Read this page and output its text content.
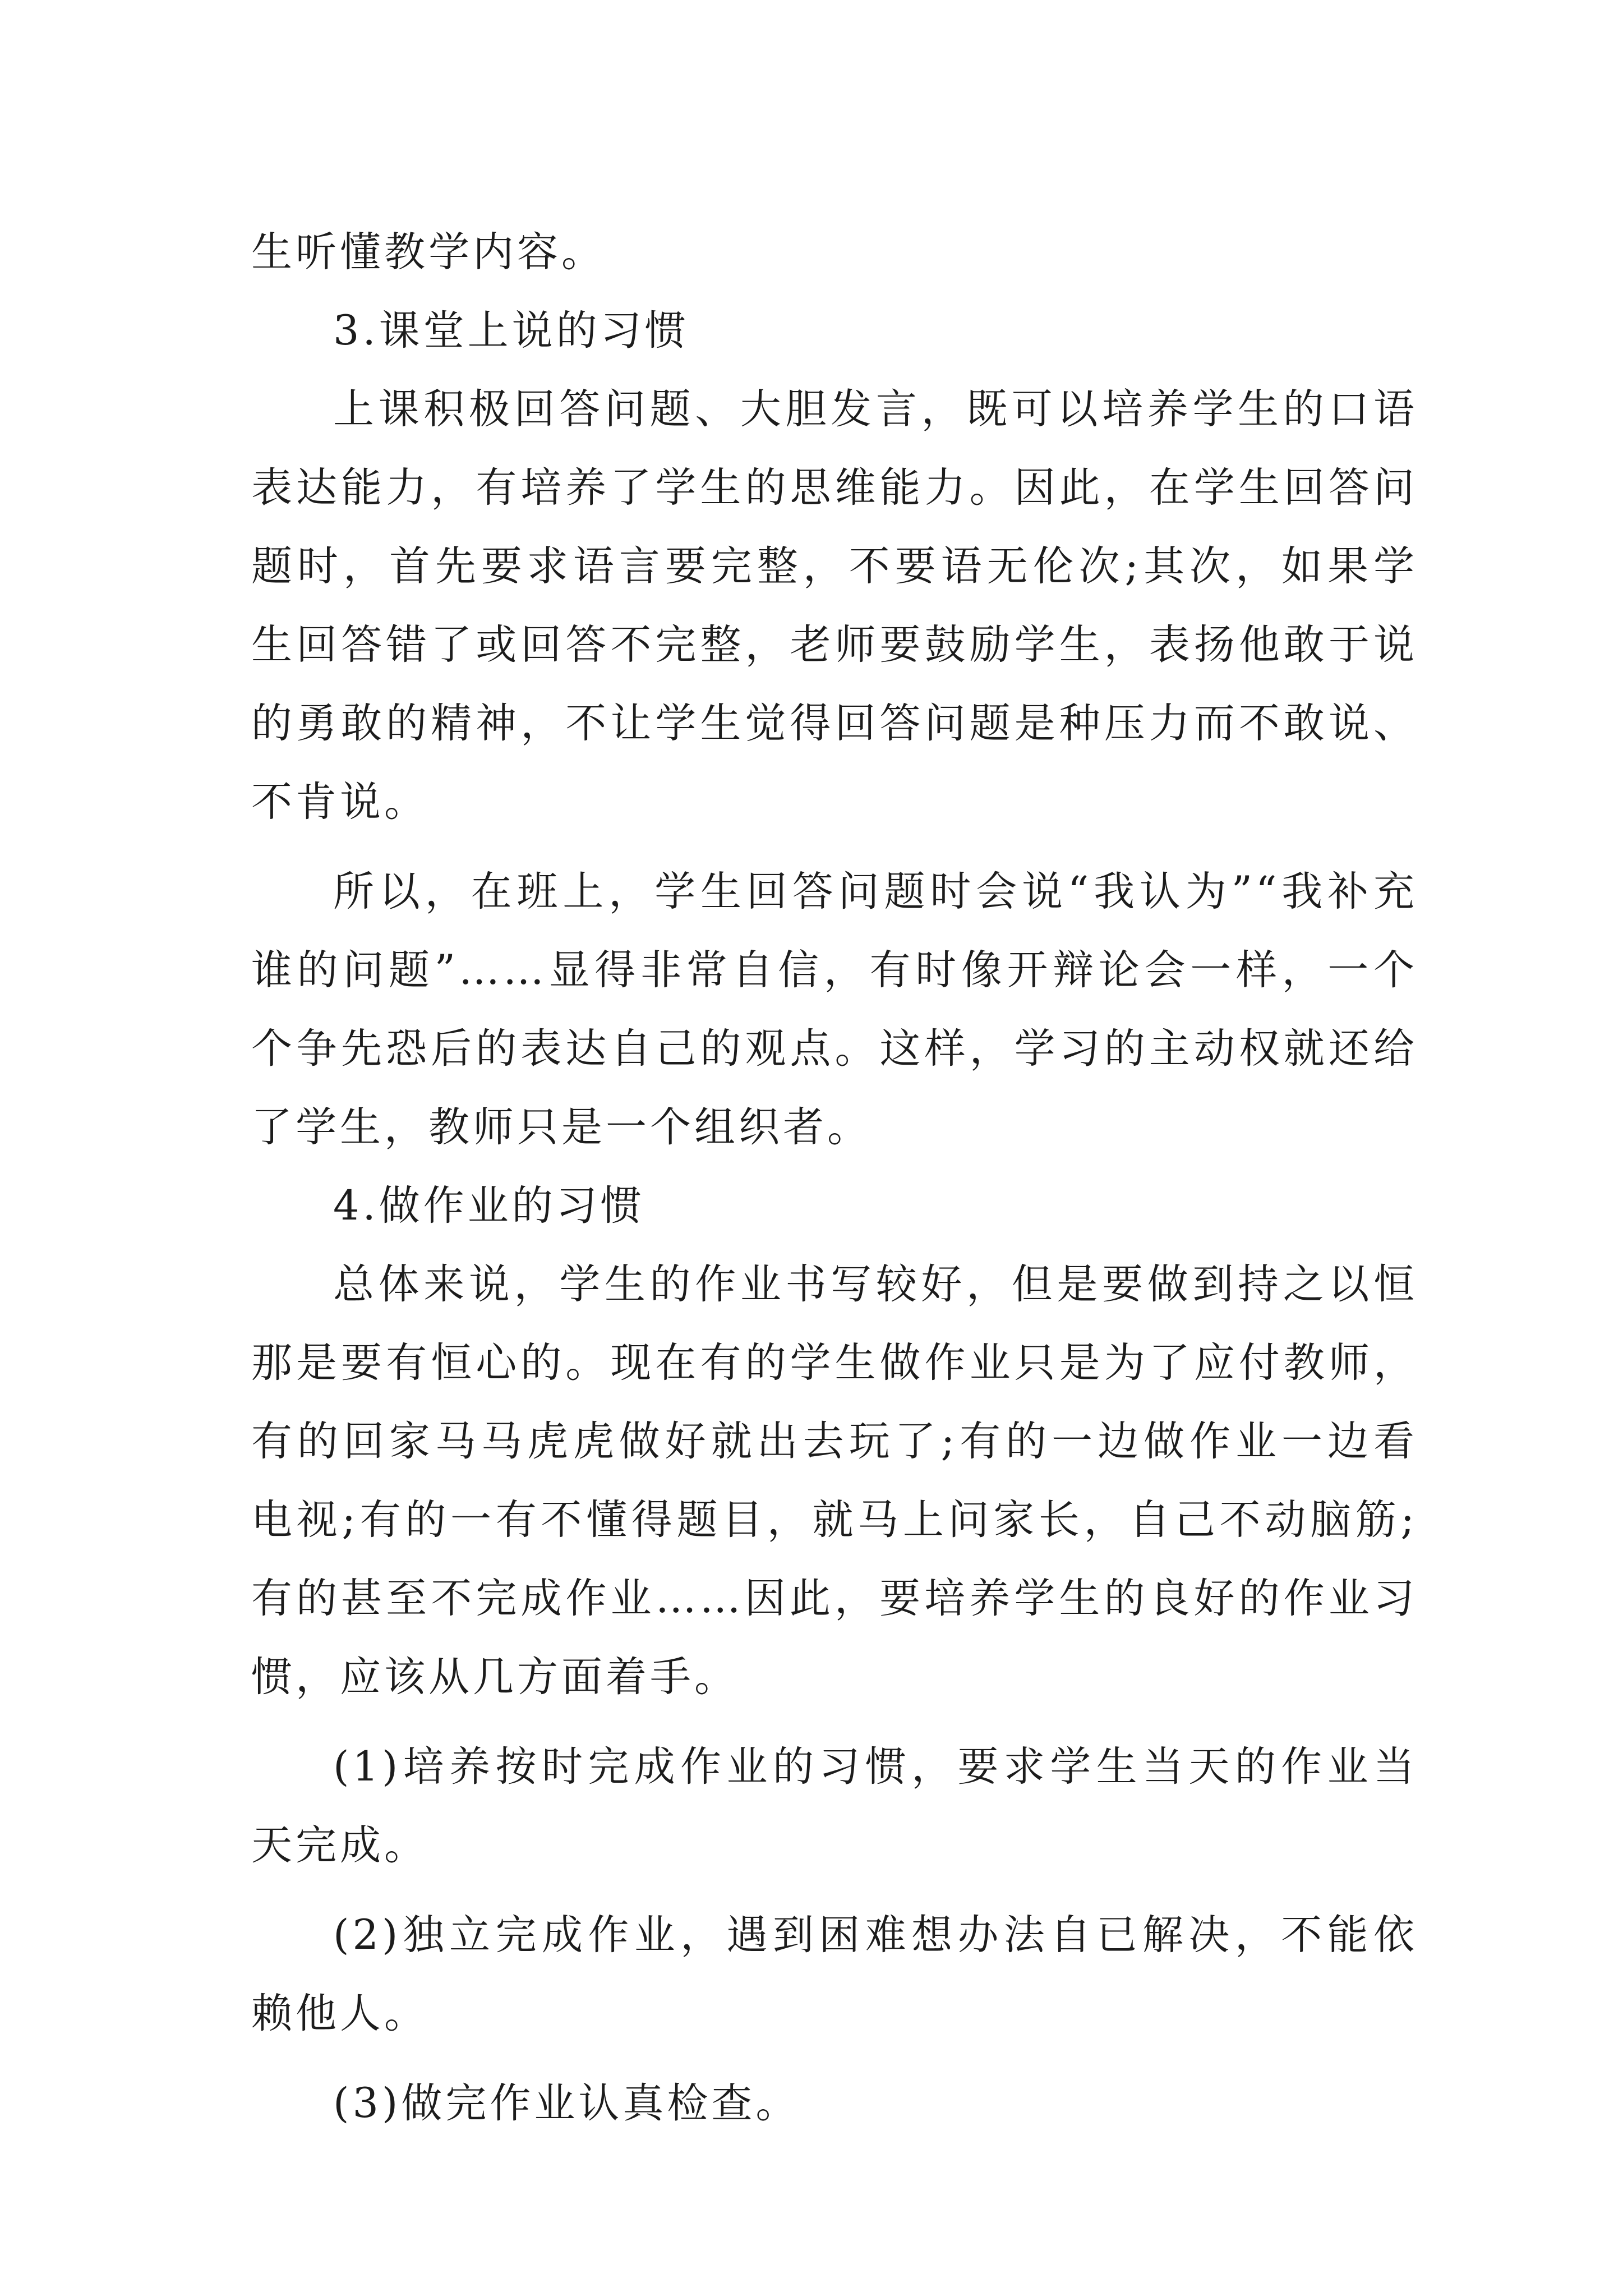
生听懂教学内容。

3.课堂上说的习惯

上课积极回答问题、大胆发言，既可以培养学生的口语表达能力，有培养了学生的思维能力。因此，在学生回答问题时，首先要求语言要完整，不要语无伦次;其次，如果学生回答错了或回答不完整，老师要鼓励学生，表扬他敢于说的勇敢的精神，不让学生觉得回答问题是种压力而不敢说、不肯说。

所以，在班上，学生回答问题时会说“我认为”“我补充谁的问题”……显得非常自信，有时像开辩论会一样，一个个争先恐后的表达自己的观点。这样，学习的主动权就还给了学生，教师只是一个组织者。

4.做作业的习惯

总体来说，学生的作业书写较好，但是要做到持之以恒那是要有恒心的。现在有的学生做作业只是为了应付教师，有的回家马马虎虎做好就出去玩了;有的一边做作业一边看电视;有的一有不懂得题目，就马上问家长，自己不动脑筋;有的甚至不完成作业……因此，要培养学生的良好的作业习惯，应该从几方面着手。

(1)培养按时完成作业的习惯，要求学生当天的作业当天完成。

(2)独立完成作业，遇到困难想办法自已解决，不能依赖他人。

(3)做完作业认真检查。
